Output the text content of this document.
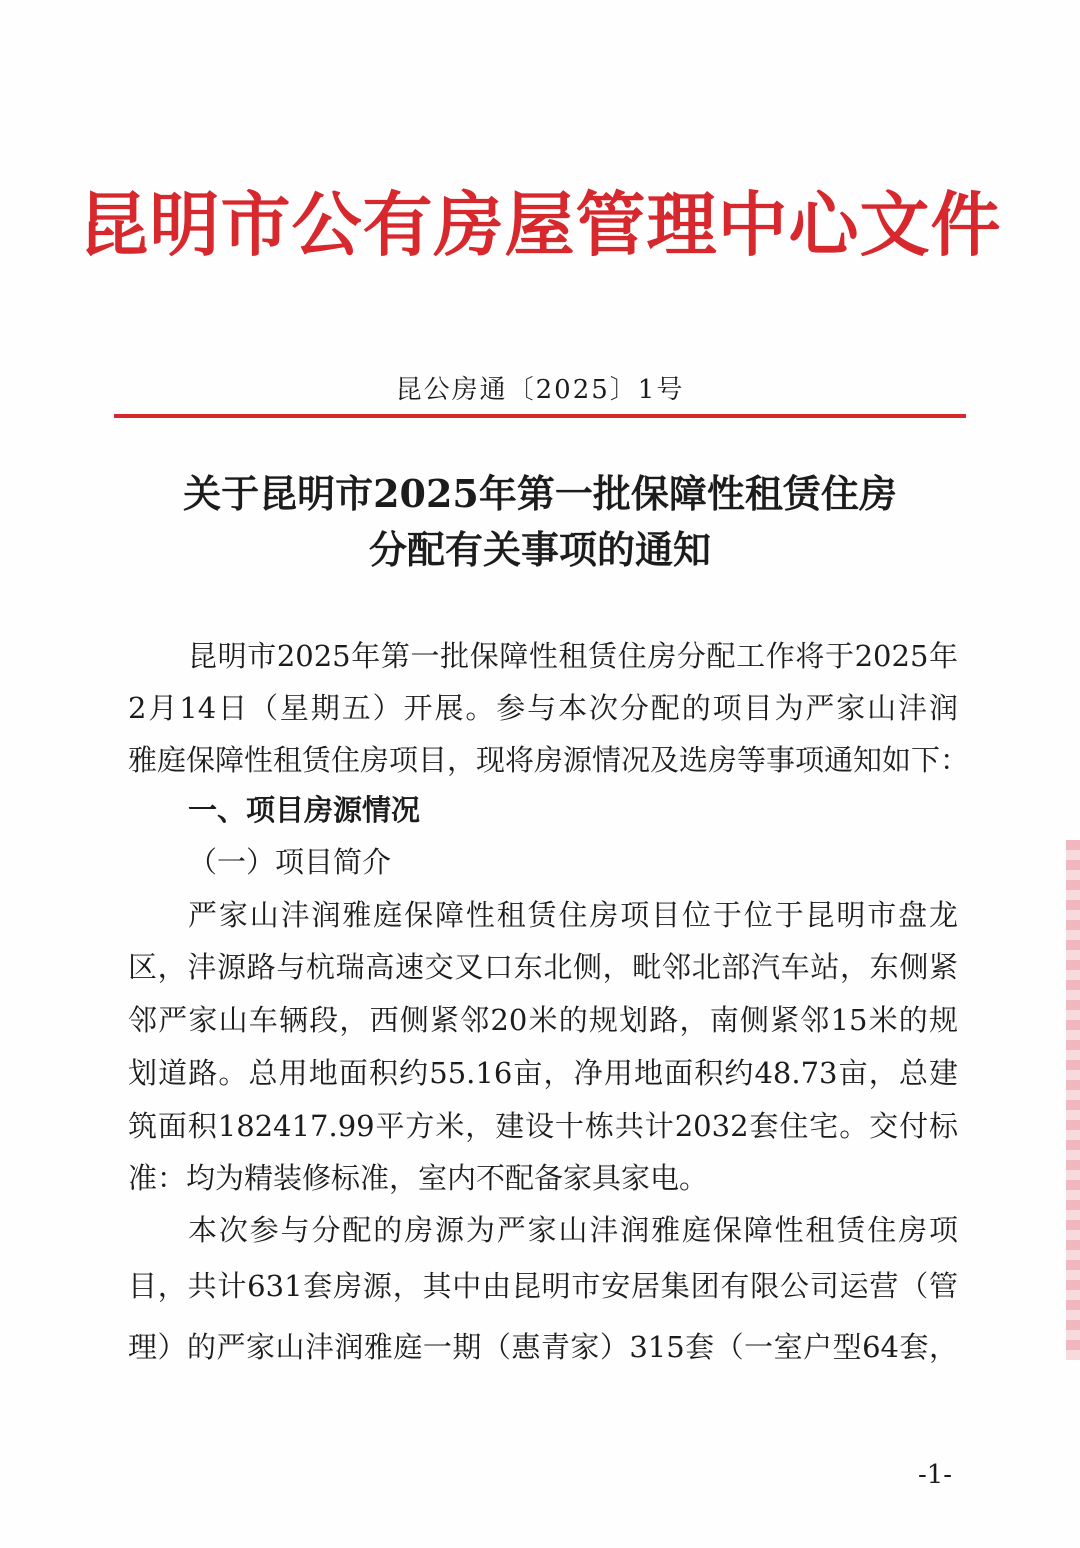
昆明市公有房屋管理中心文件
昆公房通〔2025〕1号
关于昆明市2025年第一批保障性租赁住房
分配有关事项的通知
昆明市2025年第一批保障性租赁住房分配工作将于2025年
2月14日（星期五）开展。参与本次分配的项目为严家山沣润
雅庭保障性租赁住房项目，现将房源情况及选房等事项通知如下：
一、项目房源情况
（一）项目简介
严家山沣润雅庭保障性租赁住房项目位于位于昆明市盘龙
区，沣源路与杭瑞高速交叉口东北侧，毗邻北部汽车站，东侧紧
邻严家山车辆段，西侧紧邻20米的规划路，南侧紧邻15米的规
划道路。总用地面积约55.16亩，净用地面积约48.73亩，总建
筑面积182417.99平方米，建设十栋共计2032套住宅。交付标
准：均为精装修标准，室内不配备家具家电。
本次参与分配的房源为严家山沣润雅庭保障性租赁住房项
目，共计631套房源，其中由昆明市安居集团有限公司运营（管
理）的严家山沣润雅庭一期（惠青家）315套（一室户型64套，
-1-
